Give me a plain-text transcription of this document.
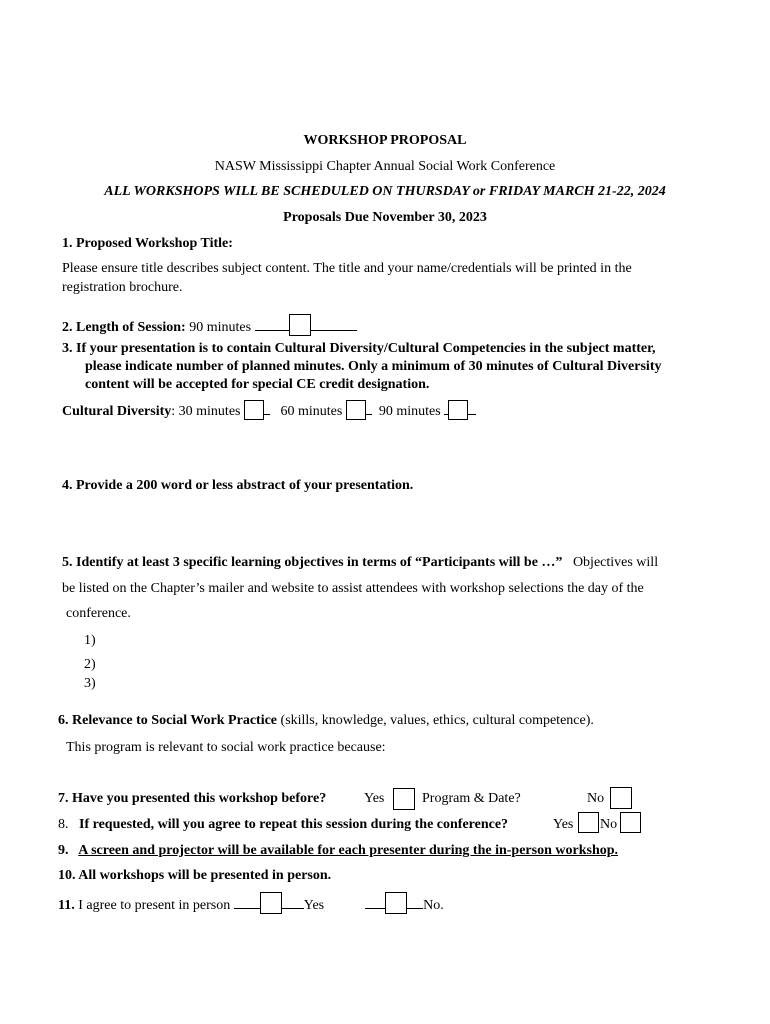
WORKSHOP PROPOSAL
NASW Mississippi Chapter Annual Social Work Conference
ALL WORKSHOPS WILL BE SCHEDULED ON THURSDAY or FRIDAY MARCH 21-22, 2024
Proposals Due November 30, 2023
1. Proposed Workshop Title:
Please ensure title describes subject content. The title and your name/credentials will be printed in the
registration brochure.
2. Length of Session: 90 minutes
3. If your presentation is to contain Cultural Diversity/Cultural Competencies in the subject matter,
please indicate number of planned minutes. Only a minimum of 30 minutes of Cultural Diversity
content will be accepted for special CE credit designation.
Cultural Diversity: 30 minutes	60 minutes	90 minutes
4. Provide a 200 word or less abstract of your presentation.
5. Identify at least 3 specific learning objectives in terms of “Participants will be …” Objectives will
be listed on the Chapter’s mailer and website to assist attendees with workshop selections the day of the
conference.
1)
2)
3)
6. Relevance to Social Work Practice (skills, knowledge, values, ethics, cultural competence).
This program is relevant to social work practice because:
7. Have you presented this workshop before?	Yes	Program & Date?	No
8.   If requested, will you agree to repeat this session during the conference?	Yes No
9. A screen and projector will be available for each presenter during the in-person workshop.
10. All workshops will be presented in person.
11. I agree to present in person	Yes	No.
